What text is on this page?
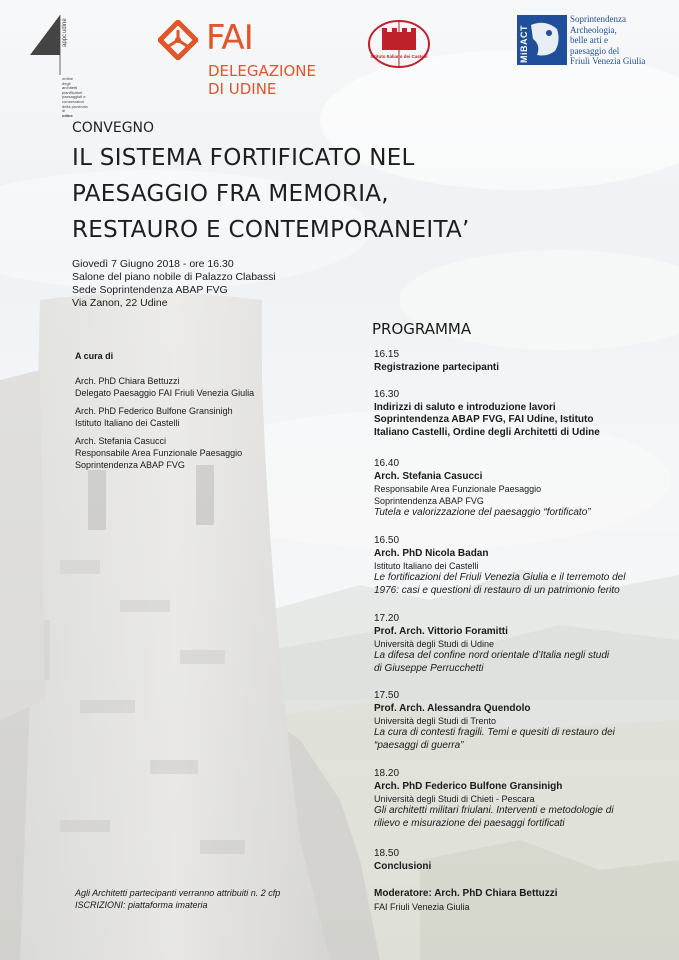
appc
udine
ordine
degli
architetti
pianificatori
paesaggisti e
conservatori
della provincia di
udine
FAI
DELEGAZIONE
DI UDINE
Istituto Italiano dei Castelli	MiBACT
Soprintendenza
Archeologia,
belle arti e
paesaggio del
Friuli Venezia Giulia
CONVEGNO
IL SISTEMA FORTIFICATO NEL
PAESAGGIO FRA MEMORIA,
RESTAURO E CONTEMPORANEITA’
Giovedì 7 Giugno 2018 - ore 16.30
Salone del piano nobile di Palazzo Clabassi
Sede Soprintendenza ABAP FVG
Via Zanon, 22 Udine
A cura di
Arch. PhD Chiara Bettuzzi
Delegato Paesaggio FAI Friuli Venezia Giulia
Arch. PhD Federico Bulfone Gransinigh
Istituto Italiano dei Castelli
Arch. Stefania Casucci
Responsabile Area Funzionale Paesaggio
Soprintendenza ABAP FVG
Agli Architetti partecipanti verranno attribuiti n. 2 cfp
ISCRIZIONI: piattaforma imateria
PROGRAMMA
16.15
Registrazione partecipanti
16.30
Indirizzi di saluto e introduzione lavori
Soprintendenza ABAP FVG, FAI Udine, Istituto
Italiano Castelli, Ordine degli Architetti di Udine
16.40
Arch. Stefania Casucci
Responsabile Area Funzionale Paesaggio
Soprintendenza ABAP FVG
Tutela e valorizzazione del paesaggio “fortificato”
16.50
Arch. PhD Nicola Badan
Istituto Italiano dei Castelli
Le fortificazioni del Friuli Venezia Giulia e il terremoto del
1976: casi e questioni di restauro di un patrimonio ferito
17.20
Prof. Arch. Vittorio Foramitti
Università degli Studi di Udine
La difesa del confine nord orientale d’Italia negli studi
di Giuseppe Perrucchetti
17.50
Prof. Arch. Alessandra Quendolo
Università degli Studi di Trento
La cura di contesti fragili. Temi e quesiti di restauro dei
“paesaggi di guerra”
18.20
Arch. PhD Federico Bulfone Gransinigh
Università degli Studi di Chieti - Pescara
Gli architetti militari friulani. Interventi e metodologie di
rilievo e misurazione dei paesaggi fortificati
18.50
Conclusioni
Moderatore: Arch. PhD Chiara Bettuzzi
FAI Friuli Venezia Giulia
